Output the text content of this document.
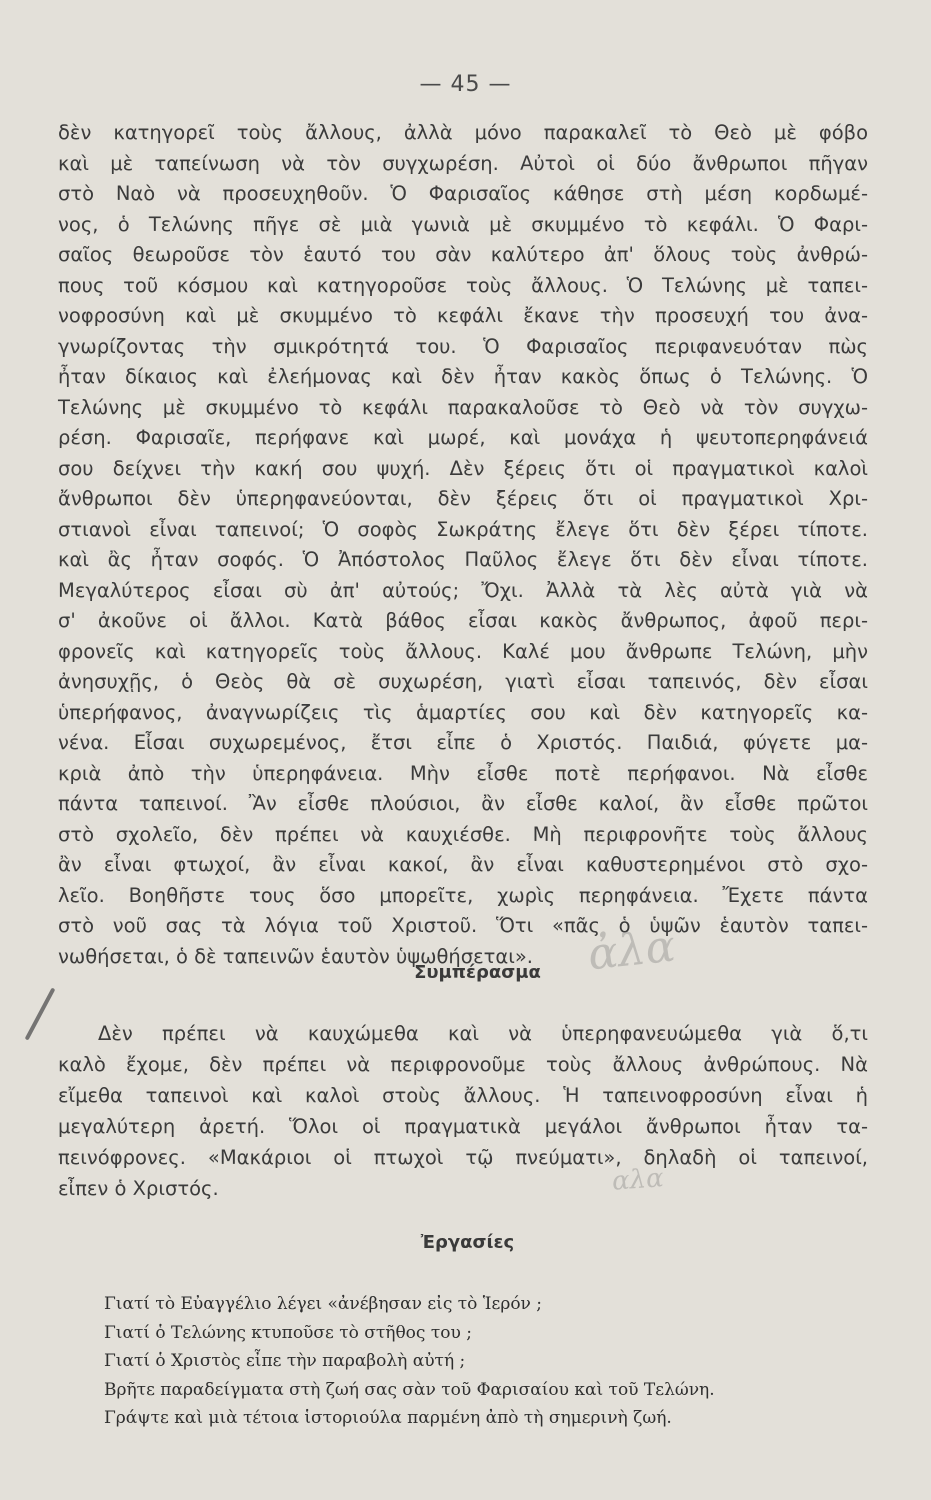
— 45 —
δὲν κατηγορεῖ τοὺς ἄλλους, ἀλλὰ μόνο παρακαλεῖ τὸ Θεὸ μὲ φόβο
καὶ μὲ ταπείνωση νὰ τὸν συγχωρέση. Αὐτοὶ οἱ δύο ἄνθρωποι πῆγαν
στὸ Ναὸ νὰ προσευχηθοῦν. Ὁ Φαρισαῖος κάθησε στὴ μέση κορδωμέ-
νος, ὁ Τελώνης πῆγε σὲ μιὰ γωνιὰ μὲ σκυμμένο τὸ κεφάλι. Ὁ Φαρι-
σαῖος θεωροῦσε τὸν ἑαυτό του σὰν καλύτερο ἀπ' ὅλους τοὺς ἀνθρώ-
πους τοῦ κόσμου καὶ κατηγοροῦσε τοὺς ἄλλους. Ὁ Τελώνης μὲ ταπει-
νοφροσύνη καὶ μὲ σκυμμένο τὸ κεφάλι ἔκανε τὴν προσευχή του ἀνα-
γνωρίζοντας τὴν σμικρότητά του. Ὁ Φαρισαῖος περιφανευόταν πὼς
ἦταν δίκαιος καὶ ἐλεήμονας καὶ δὲν ἦταν κακὸς ὅπως ὁ Τελώνης. Ὁ
Τελώνης μὲ σκυμμένο τὸ κεφάλι παρακαλοῦσε τὸ Θεὸ νὰ τὸν συγχω-
ρέση. Φαρισαῖε, περήφανε καὶ μωρέ, καὶ μονάχα ἡ ψευτοπερηφάνειά
σου δείχνει τὴν κακή σου ψυχή. Δὲν ξέρεις ὅτι οἱ πραγματικοὶ καλοὶ
ἄνθρωποι δὲν ὑπερηφανεύονται, δὲν ξέρεις ὅτι οἱ πραγματικοὶ Χρι-
στιανοὶ εἶναι ταπεινοί; Ὁ σοφὸς Σωκράτης ἔλεγε ὅτι δὲν ξέρει τίποτε.
καὶ ἂς ἦταν σοφός. Ὁ Ἀπόστολος Παῦλος ἔλεγε ὅτι δὲν εἶναι τίποτε.
Μεγαλύτερος εἶσαι σὺ ἀπ' αὐτούς; Ὄχι. Ἀλλὰ τὰ λὲς αὐτὰ γιὰ νὰ
σ' ἀκοῦνε οἱ ἄλλοι. Κατὰ βάθος εἶσαι κακὸς ἄνθρωπος, ἀφοῦ περι-
φρονεῖς καὶ κατηγορεῖς τοὺς ἄλλους. Καλέ μου ἄνθρωπε Τελώνη, μὴν
ἀνησυχῇς, ὁ Θεὸς θὰ σὲ συχωρέση, γιατὶ εἶσαι ταπεινός, δὲν εἶσαι
ὑπερήφανος, ἀναγνωρίζεις τὶς ἁμαρτίες σου καὶ δὲν κατηγορεῖς κα-
νένα. Εἶσαι συχωρεμένος, ἔτσι εἶπε ὁ Χριστός. Παιδιά, φύγετε μα-
κριὰ ἀπὸ τὴν ὑπερηφάνεια. Μὴν εἶσθε ποτὲ περήφανοι. Νὰ εἶσθε
πάντα ταπεινοί. Ἂν εἶσθε πλούσιοι, ἂν εἶσθε καλοί, ἂν εἶσθε πρῶτοι
στὸ σχολεῖο, δὲν πρέπει νὰ καυχιέσθε. Μὴ περιφρονῆτε τοὺς ἄλλους
ἂν εἶναι φτωχοί, ἂν εἶναι κακοί, ἂν εἶναι καθυστερημένοι στὸ σχο-
λεῖο. Βοηθῆστε τους ὅσο μπορεῖτε, χωρὶς περηφάνεια. Ἔχετε πάντα
στὸ νοῦ σας τὰ λόγια τοῦ Χριστοῦ. Ὅτι «πᾶς ὁ ὑψῶν ἑαυτὸν ταπει-
νωθήσεται, ὁ δὲ ταπεινῶν ἑαυτὸν ὑψωθήσεται».	ἀλα
Συμπέρασμα
Δὲν πρέπει νὰ καυχώμεθα καὶ νὰ ὑπερηφανευώμεθα γιὰ ὅ,τι
καλὸ ἔχομε, δὲν πρέπει νὰ περιφρονοῦμε τοὺς ἄλλους ἀνθρώπους. Νὰ
εἴμεθα ταπεινοὶ καὶ καλοὶ στοὺς ἄλλους. Ἡ ταπεινοφροσύνη εἶναι ἡ
μεγαλύτερη ἀρετή. Ὅλοι οἱ πραγματικὰ μεγάλοι ἄνθρωποι ἦταν τα-
πεινόφρονες. «Μακάριοι οἱ πτωχοὶ τῷ πνεύματι», δηλαδὴ οἱ ταπεινοί,
εἶπεν ὁ Χριστός.	αλα
Ἐργασίες
Γιατί τὸ Εὐαγγέλιο λέγει «ἀνέβησαν εἰς τὸ Ἱερόν ;
Γιατί ὁ Τελώνης κτυποῦσε τὸ στῆθος του ;
Γιατί ὁ Χριστὸς εἶπε τὴν παραβολὴ αὐτή ;
Βρῆτε παραδείγματα στὴ ζωή σας σὰν τοῦ Φαρισαίου καὶ τοῦ Τελώνη.
Γράψτε καὶ μιὰ τέτοια ἱστοριούλα παρμένη ἀπὸ τὴ σημερινὴ ζωή.
